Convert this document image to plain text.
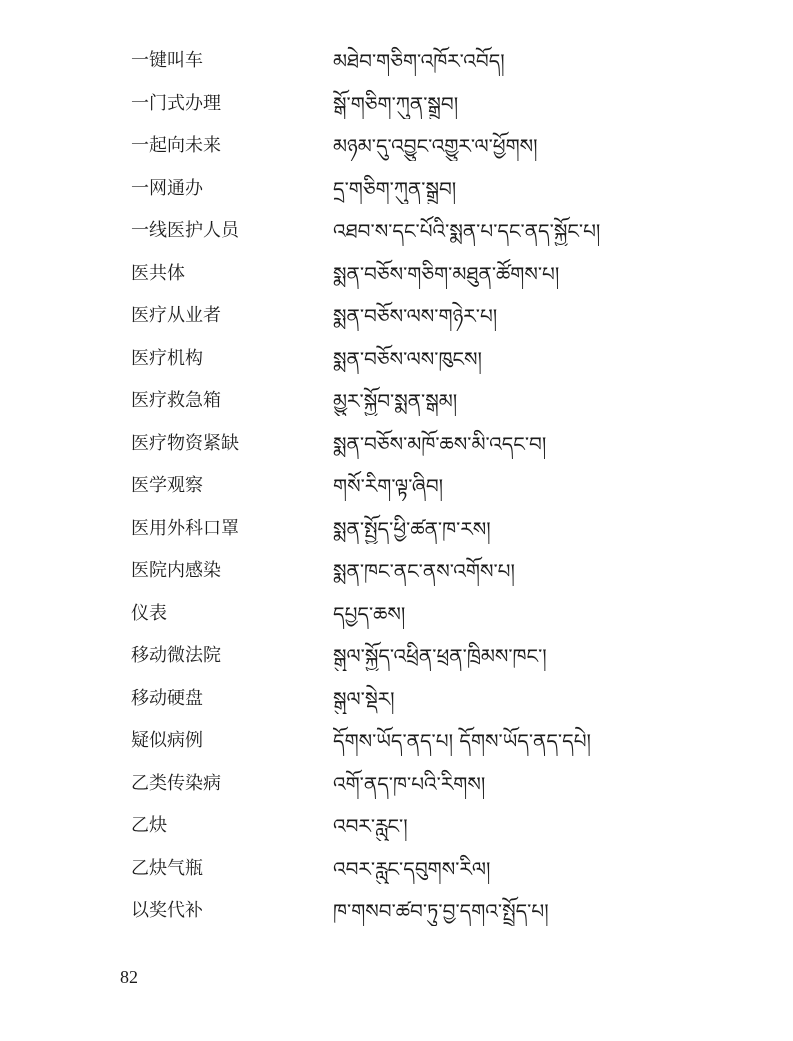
一键叫车	མཐེབ་གཅིག་འཁོར་འབོད།
一门式办理	སྒོ་གཅིག་ཀུན་སྒྲུབ།
一起向未来	མཉམ་དུ་འབྱུང་འགྱུར་ལ་ཕྱོགས།
一网通办	དྲ་གཅིག་ཀུན་སྒྲུབ།
一线医护人员	འཐབ་ས་དང་པོའི་སྨན་པ་དང་ནད་སྐྱོང་པ།
医共体	སྨན་བཅོས་གཅིག་མཐུན་ཚོགས་པ།
医疗从业者	སྨན་བཅོས་ལས་གཉེར་པ།
医疗机构	སྨན་བཅོས་ལས་ཁུངས།
医疗救急箱	མྱུར་སྐྱོབ་སྨན་སྒམ།
医疗物资紧缺	སྨན་བཅོས་མཁོ་ཆས་མི་འདང་བ།
医学观察	གསོ་རིག་ལྟ་ཞིབ།
医用外科口罩	སྨན་སྤྱོད་ཕྱི་ཚན་ཁ་རས།
医院内感染	སྨན་ཁང་ནང་ནས་འགོས་པ།
仪表	དཔྱད་ཆས།
移动微法院	སྒུལ་སྐྱོད་འཕྲིན་ཕྲན་ཁྲིམས་ཁང་།
移动硬盘	སྒུལ་སྡེར།
疑似病例	དོགས་ཡོད་ནད་པ། དོགས་ཡོད་ནད་དཔེ།
乙类传染病	འགོ་ནད་ཁ་པའི་རིགས།
乙炔	འབར་རླུང་།
乙炔气瓶	འབར་རླུང་དབུགས་རིལ།
以奖代补	ཁ་གསབ་ཚབ་ཏུ་བྱ་དགའ་སྤྲོད་པ།
82
